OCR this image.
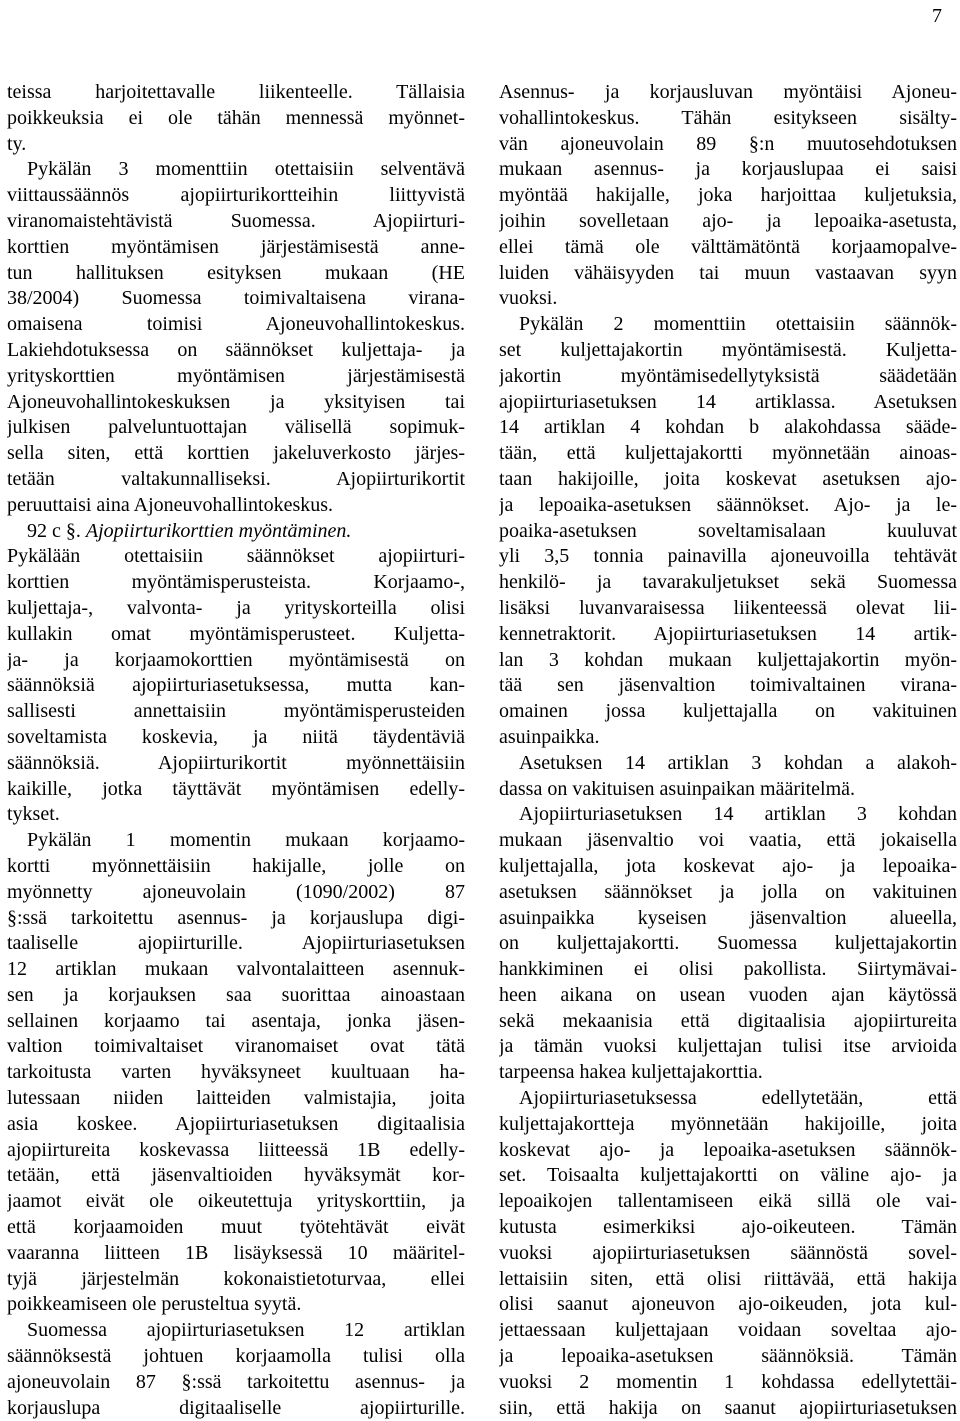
7
teissa harjoitettavalle liikenteelle. Tällaisia
poikkeuksia ei ole tähän mennessä myönnet-
ty.
Pykälän 3 momenttiin otettaisiin selventävä
viittaussäännös ajopiirturikortteihin liittyvistä
viranomaistehtävistä Suomessa. Ajopiirturi-
korttien myöntämisen järjestämisestä anne-
tun hallituksen esityksen mukaan (HE
38/2004) Suomessa toimivaltaisena virana-
omaisena toimisi Ajoneuvohallintokeskus.
Lakiehdotuksessa on säännökset kuljettaja- ja
yrityskorttien myöntämisen järjestämisestä
Ajoneuvohallintokeskuksen ja yksityisen tai
julkisen palveluntuottajan välisellä sopimuk-
sella siten, että korttien jakeluverkosto järjes-
tetään valtakunnalliseksi. Ajopiirturikortit
peruuttaisi aina Ajoneuvohallintokeskus.
92 c §. Ajopiirturikorttien myöntäminen.
Pykälään otettaisiin säännökset ajopiirturi-
korttien myöntämisperusteista. Korjaamo-,
kuljettaja-, valvonta- ja yrityskorteilla olisi
kullakin omat myöntämisperusteet. Kuljetta-
ja- ja korjaamokorttien myöntämisestä on
säännöksiä ajopiirturiasetuksessa, mutta kan-
sallisesti annettaisiin myöntämisperusteiden
soveltamista koskevia, ja niitä täydentäviä
säännöksiä. Ajopiirturikortit myönnettäisiin
kaikille, jotka täyttävät myöntämisen edelly-
tykset.
Pykälän 1 momentin mukaan korjaamo-
kortti myönnettäisiin hakijalle, jolle on
myönnetty ajoneuvolain (1090/2002) 87
§:ssä tarkoitettu asennus- ja korjauslupa digi-
taaliselle ajopiirturille. Ajopiirturiasetuksen
12 artiklan mukaan valvontalaitteen asennuk-
sen ja korjauksen saa suorittaa ainoastaan
sellainen korjaamo tai asentaja, jonka jäsen-
valtion toimivaltaiset viranomaiset ovat tätä
tarkoitusta varten hyväksyneet kuultuaan ha-
lutessaan niiden laitteiden valmistajia, joita
asia koskee. Ajopiirturiasetuksen digitaalisia
ajopiirtureita koskevassa liitteessä 1B edelly-
tetään, että jäsenvaltioiden hyväksymät kor-
jaamot eivät ole oikeutettuja yrityskorttiin, ja
että korjaamoiden muut työtehtävät eivät
vaaranna liitteen 1B lisäyksessä 10 määritel-
tyjä järjestelmän kokonaistietoturvaa, ellei
poikkeamiseen ole perusteltua syytä.
Suomessa ajopiirturiasetuksen 12 artiklan
säännöksestä johtuen korjaamolla tulisi olla
ajoneuvolain 87 §:ssä tarkoitettu asennus- ja
korjauslupa digitaaliselle ajopiirturille.
Asennus- ja korjausluvan myöntäisi Ajoneu-
vohallintokeskus. Tähän esitykseen sisälty-
vän ajoneuvolain 89 §:n muutosehdotuksen
mukaan asennus- ja korjauslupaa ei saisi
myöntää hakijalle, joka harjoittaa kuljetuksia,
joihin sovelletaan ajo- ja lepoaika-asetusta,
ellei tämä ole välttämätöntä korjaamopalve-
luiden vähäisyyden tai muun vastaavan syyn
vuoksi.
Pykälän 2 momenttiin otettaisiin säännök-
set kuljettajakortin myöntämisestä. Kuljetta-
jakortin myöntämisedellytyksistä säädetään
ajopiirturiasetuksen 14 artiklassa. Asetuksen
14 artiklan 4 kohdan b alakohdassa sääde-
tään, että kuljettajakortti myönnetään ainoas-
taan hakijoille, joita koskevat asetuksen ajo-
ja lepoaika-asetuksen säännökset. Ajo- ja le-
poaika-asetuksen soveltamisalaan kuuluvat
yli 3,5 tonnia painavilla ajoneuvoilla tehtävät
henkilö- ja tavarakuljetukset sekä Suomessa
lisäksi luvanvaraisessa liikenteessä olevat lii-
kennetraktorit. Ajopiirturiasetuksen 14 artik-
lan 3 kohdan mukaan kuljettajakortin myön-
tää sen jäsenvaltion toimivaltainen virana-
omainen jossa kuljettajalla on vakituinen
asuinpaikka.
Asetuksen 14 artiklan 3 kohdan a alakoh-
dassa on vakituisen asuinpaikan määritelmä.
Ajopiirturiasetuksen 14 artiklan 3 kohdan
mukaan jäsenvaltio voi vaatia, että jokaisella
kuljettajalla, jota koskevat ajo- ja lepoaika-
asetuksen säännökset ja jolla on vakituinen
asuinpaikka kyseisen jäsenvaltion alueella,
on kuljettajakortti. Suomessa kuljettajakortin
hankkiminen ei olisi pakollista. Siirtymävai-
heen aikana on usean vuoden ajan käytössä
sekä mekaanisia että digitaalisia ajopiirtureita
ja tämän vuoksi kuljettajan tulisi itse arvioida
tarpeensa hakea kuljettajakorttia.
Ajopiirturiasetuksessa edellytetään, että
kuljettajakortteja myönnetään hakijoille, joita
koskevat ajo- ja lepoaika-asetuksen säännök-
set. Toisaalta kuljettajakortti on väline ajo- ja
lepoaikojen tallentamiseen eikä sillä ole vai-
kutusta esimerkiksi ajo-oikeuteen. Tämän
vuoksi ajopiirturiasetuksen säännöstä sovel-
lettaisiin siten, että olisi riittävää, että hakija
olisi saanut ajoneuvon ajo-oikeuden, jota kul-
jettaessaan kuljettajaan voidaan soveltaa ajo-
ja lepoaika-asetuksen säännöksiä. Tämän
vuoksi 2 momentin 1 kohdassa edellytettäi-
siin, että hakija on saanut ajopiirturiasetuksen
